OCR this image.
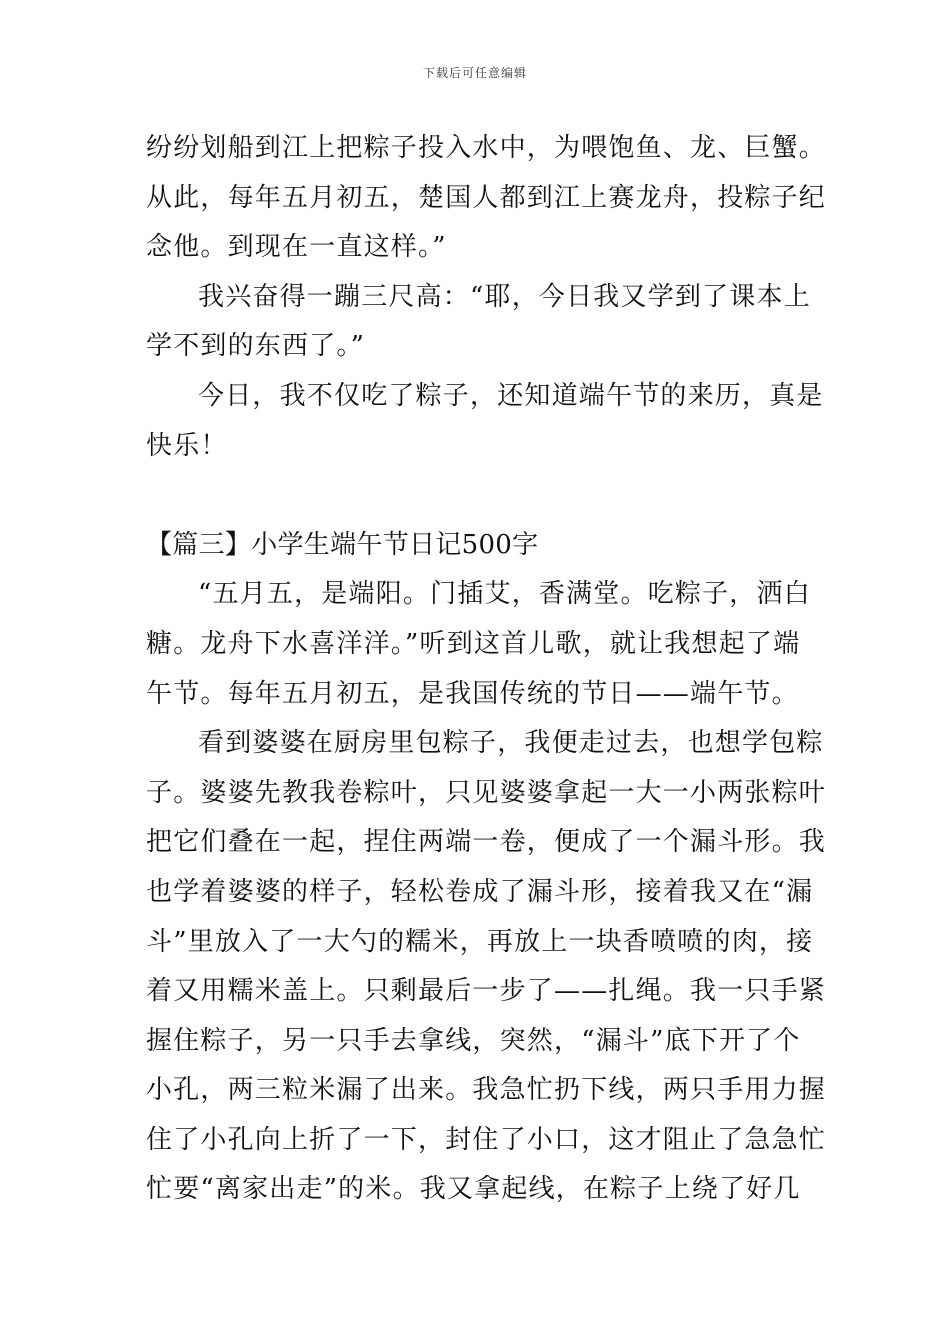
下载后可任意编辑
纷纷划船到江上把粽子投入水中，为喂饱鱼、龙、巨蟹。
从此，每年五月初五，楚国人都到江上赛龙舟，投粽子纪
念他。到现在一直这样。”
我兴奋得一蹦三尺高：“耶，今日我又学到了课本上
学不到的东西了。”
今日，我不仅吃了粽子，还知道端午节的来历，真是
快乐！
【篇三】小学生端午节日记500字
“五月五，是端阳。门插艾，香满堂。吃粽子，洒白
糖。龙舟下水喜洋洋。”听到这首儿歌，就让我想起了端
午节。每年五月初五，是我国传统的节日——端午节。
看到婆婆在厨房里包粽子，我便走过去，也想学包粽
子。婆婆先教我卷粽叶，只见婆婆拿起一大一小两张粽叶
把它们叠在一起，捏住两端一卷，便成了一个漏斗形。我
也学着婆婆的样子，轻松卷成了漏斗形，接着我又在“漏
斗”里放入了一大勺的糯米，再放上一块香喷喷的肉，接
着又用糯米盖上。只剩最后一步了——扎绳。我一只手紧
握住粽子，另一只手去拿线，突然，“漏斗”底下开了个
小孔，两三粒米漏了出来。我急忙扔下线，两只手用力握
住了小孔向上折了一下，封住了小口，这才阻止了急急忙
忙要“离家出走”的米。我又拿起线，在粽子上绕了好几
